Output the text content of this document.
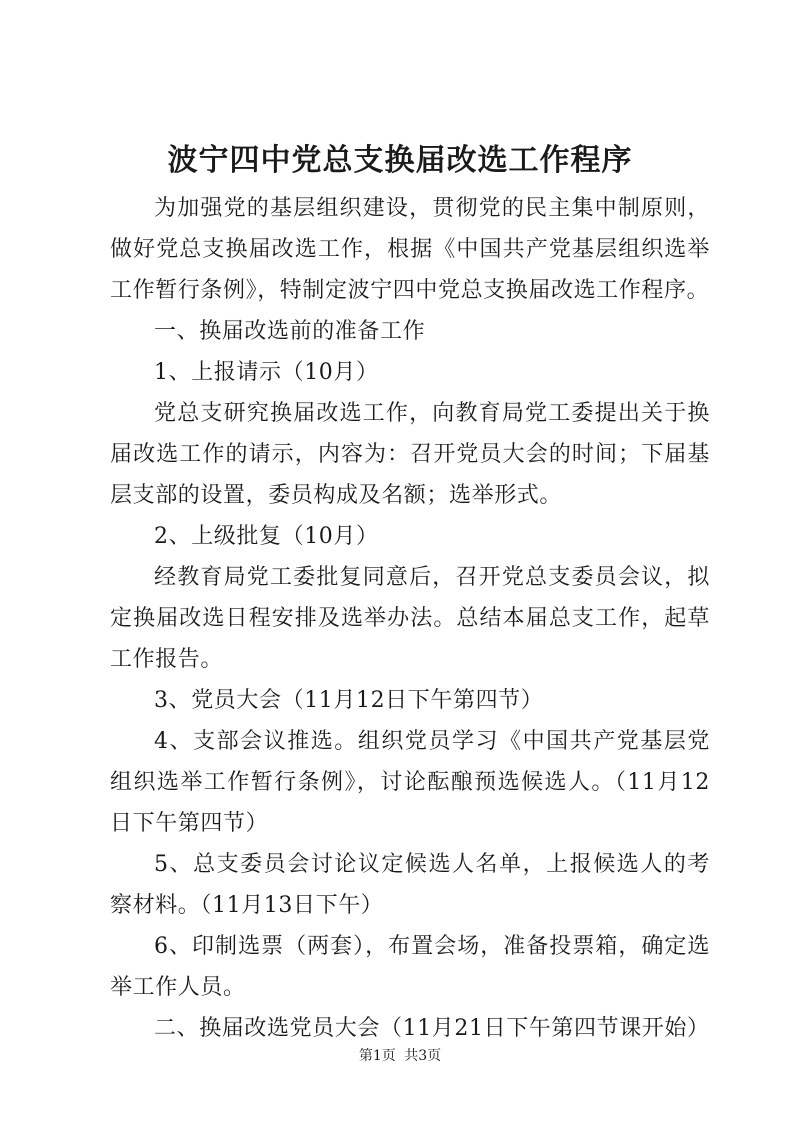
波宁四中党总支换届改选工作程序

为加强党的基层组织建设，贯彻党的民主集中制原则，做好党总支换届改选工作，根据《中国共产党基层组织选举工作暂行条例》，特制定波宁四中党总支换届改选工作程序。

一、换届改选前的准备工作

1、上报请示（10月）

党总支研究换届改选工作，向教育局党工委提出关于换届改选工作的请示，内容为：召开党员大会的时间；下届基层支部的设置，委员构成及名额；选举形式。

2、上级批复（10月）

经教育局党工委批复同意后，召开党总支委员会议，拟定换届改选日程安排及选举办法。总结本届总支工作，起草工作报告。

3、党员大会（11月12日下午第四节）

4、支部会议推选。组织党员学习《中国共产党基层党组织选举工作暂行条例》，讨论酝酿预选候选人。（11月12日下午第四节）

5、总支委员会讨论议定候选人名单，上报候选人的考察材料。（11月13日下午）

6、印制选票（两套），布置会场，准备投票箱，确定选举工作人员。

二、换届改选党员大会（11月21日下午第四节课开始）

第1页 共3页
